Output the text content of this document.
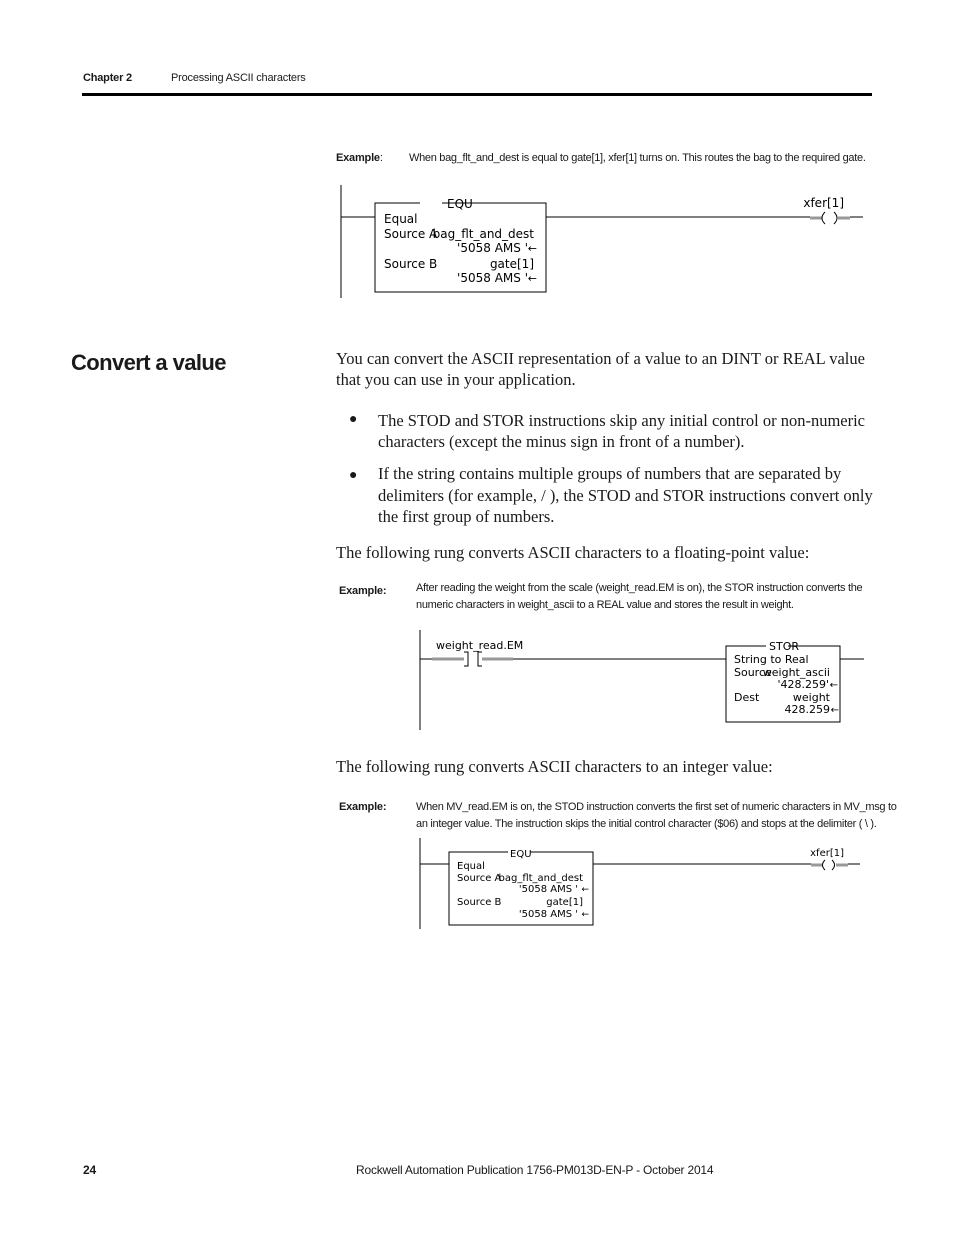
Chapter 2	Processing ASCII characters
Example: When bag_flt_and_dest is equal to gate[1], xfer[1] turns on. This routes the bag to the required gate.
EQU
Equal
Source A
bag_flt_and_dest
'5058 AMS ' ←
Source B	gate[1]
'5058 AMS ' ←
xfer[1]
Convert a value	You can convert the ASCII representation of a value to an DINT or REAL value
that you can use in your application.
● The STOD and STOR instructions skip any initial control or non-numeric
characters (except the minus sign in front of a number).
● If the string contains multiple groups of numbers that are separated by
delimiters (for example, / ), the STOD and STOR instructions convert only
the first group of numbers.
The following rung converts ASCII characters to a floating-point value:
Example:	After reading the weight from the scale (weight_read.EM is on), the STOR instruction converts the
numeric characters in weight_ascii to a REAL value and stores the result in weight.
weight_read.EM	STOR
String to Real
Source
weight_ascii
'428.259' ←
Dest	weight
428.259 ←
The following rung converts ASCII characters to an integer value:
Example:	When MV_read.EM is on, the STOD instruction converts the first set of numeric characters in MV_msg to
an integer value. The instruction skips the initial control character ($06) and stops at the delimiter ( \ ).
EQU
Equal
Source A
bag_flt_and_dest
'5058 AMS ' ←
Source B	gate[1]
'5058 AMS ' ←
xfer[1]
24	Rockwell Automation Publication 1756-PM013D-EN-P - October 2014
